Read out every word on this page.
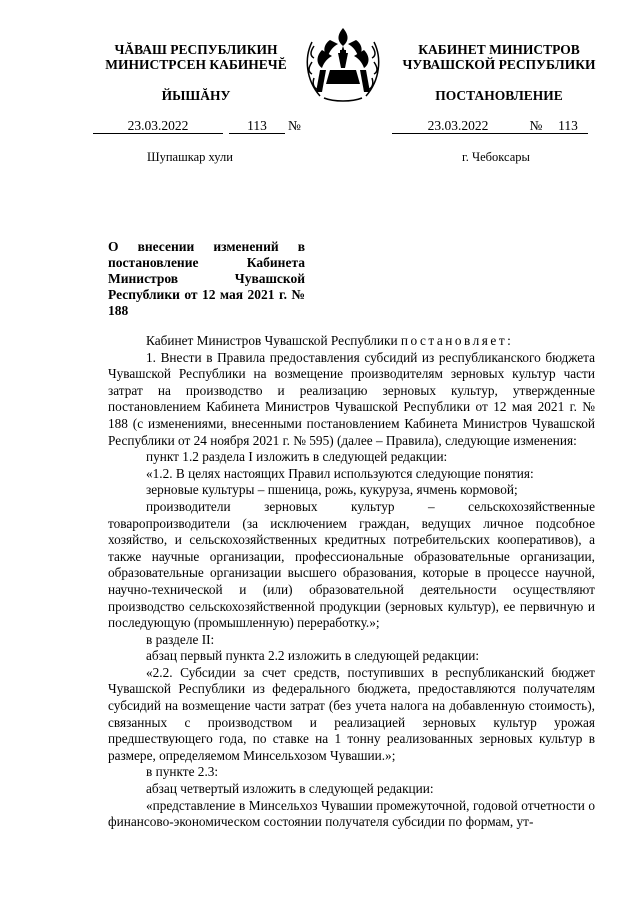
ЧĂВАШ РЕСПУБЛИКИН
МИНИСТРСЕН КАБИНЕЧĔ
ЙЫШĂНУ
КАБИНЕТ МИНИСТРОВ
ЧУВАШСКОЙ РЕСПУБЛИКИ
ПОСТАНОВЛЕНИЕ
23.03.2022	113 №	23.03.2022	№ 113
Шупашкар хули	г. Чебоксары
О внесении изменений в постановление Кабинета Министров Чувашской Республики от 12 мая 2021 г. № 188

Кабинет Министров Чувашской Республики постановляет:

1. Внести в Правила предоставления субсидий из республиканского бюджета Чувашской Республики на возмещение производителям зерновых культур части затрат на производство и реализацию зерновых культур, утвержденные постановлением Кабинета Министров Чувашской Республики от 12 мая 2021 г. № 188 (с изменениями, внесенными постановлением Кабинета Министров Чувашской Республики от 24 ноября 2021 г. № 595) (далее – Правила), следующие изменения:

пункт 1.2 раздела I изложить в следующей редакции:

«1.2. В целях настоящих Правил используются следующие понятия:

зерновые культуры – пшеница, рожь, кукуруза, ячмень кормовой;

производители зерновых культур – сельскохозяйственные товаропроизводители (за исключением граждан, ведущих личное подсобное хозяйство, и сельскохозяйственных кредитных потребительских кооперативов), а также научные организации, профессиональные образовательные организации, образовательные организации высшего образования, которые в процессе научной, научно-технической и (или) образовательной деятельности осуществляют производство сельскохозяйственной продукции (зерновых культур), ее первичную и последующую (промышленную) переработку.»;

в разделе II:

абзац первый пункта 2.2 изложить в следующей редакции:

«2.2. Субсидии за счет средств, поступивших в республиканский бюджет Чувашской Республики из федерального бюджета, предоставляются получателям субсидий на возмещение части затрат (без учета налога на добавленную стоимость), связанных с производством и реализацией зерновых культур урожая предшествующего года, по ставке на 1 тонну реализованных зерновых культур в размере, определяемом Минсельхозом Чувашии.»;

в пункте 2.3:

абзац четвертый изложить в следующей редакции:

«представление в Минсельхоз Чувашии промежуточной, годовой отчетности о финансово-экономическом состоянии получателя субсидии по формам, ут-
